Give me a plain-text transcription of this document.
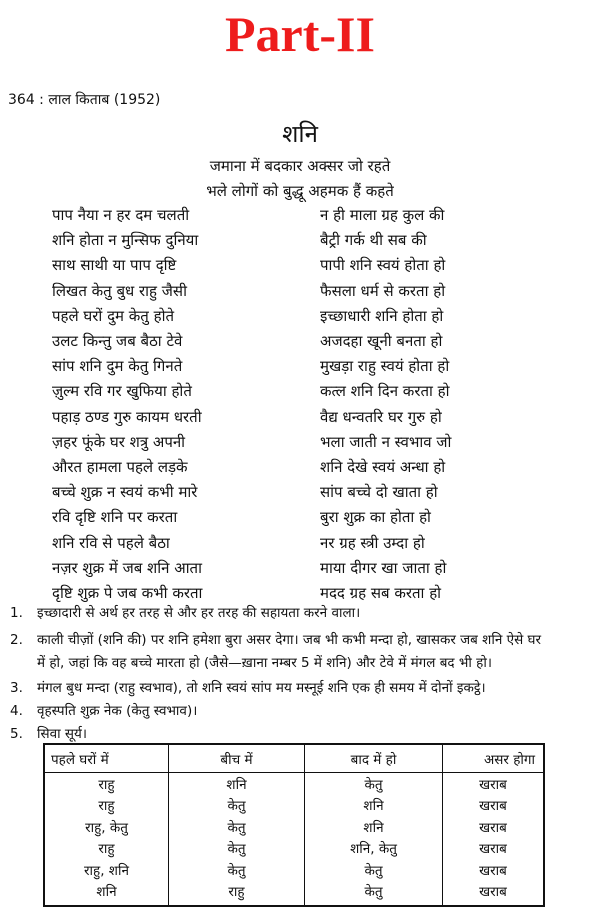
Part-II
364 : लाल किताब (1952)
शनि
जमाना में बदकार अक्सर जो रहते
भले लोगों को बुद्धू अहमक हैं कहते
पाप नैया न हर दम चलती	न ही माला ग्रह कुल की
शनि होता न मुन्सिफ दुनिया	बैट्री गर्क थी सब की
साथ साथी या पाप दृष्टि	पापी शनि स्वयं होता हो
लिखत केतु बुध राहु जैसी	फैसला धर्म से करता हो
पहले घरों दुम केतु होते	इच्छाधारी शनि होता हो
उलट किन्तु जब बैठा टेवे	अजदहा खूनी बनता हो
सांप शनि दुम केतु गिनते	मुखड़ा राहु स्वयं होता हो
ज़ुल्म रवि गर खुफिया होते	कत्ल शनि दिन करता हो
पहाड़ ठण्ड गुरु कायम धरती	वैद्य धन्वतरि घर गुरु हो
ज़हर फूंके घर शत्रु अपनी	भला जाती न स्वभाव जो
औरत हामला पहले लड़के	शनि देखे स्वयं अन्धा हो
बच्चे शुक्र न स्वयं कभी मारे	सांप बच्चे दो खाता हो
रवि दृष्टि शनि पर करता	बुरा शुक्र का होता हो
शनि रवि से पहले बैठा	नर ग्रह स्त्री उम्दा हो
नज़र शुक्र में जब शनि आता	माया दीगर खा जाता हो
दृष्टि शुक्र पे जब कभी करता	मदद ग्रह सब करता हो
1. इच्छादारी से अर्थ हर तरह से और हर तरह की सहायता करने वाला।
2. काली चीज़ों (शनि की) पर शनि हमेशा बुरा असर देगा। जब भी कभी मन्दा हो, खासकर जब शनि ऐसे घर
में हो, जहां कि वह बच्चे मारता हो (जैसे—ख़ाना नम्बर 5 में शनि) और टेवे में मंगल बद भी हो।
3. मंगल बुध मन्दा (राहु स्वभाव), तो शनि स्वयं सांप मय मस्नूई शनि एक ही समय में दोनों इकट्ठे।
4. वृहस्पति शुक्र नेक (केतु स्वभाव)।
5. सिवा सूर्य।
पहले घरों में	बीच में	बाद में हो	असर होगा
राहु	शनि	केतु	खराब
राहु	केतु	शनि	खराब
राहु, केतु	केतु	शनि	खराब
राहु	केतु	शनि, केतु	खराब
राहु, शनि	केतु	केतु	खराब
शनि	राहु	केतु	खराब
